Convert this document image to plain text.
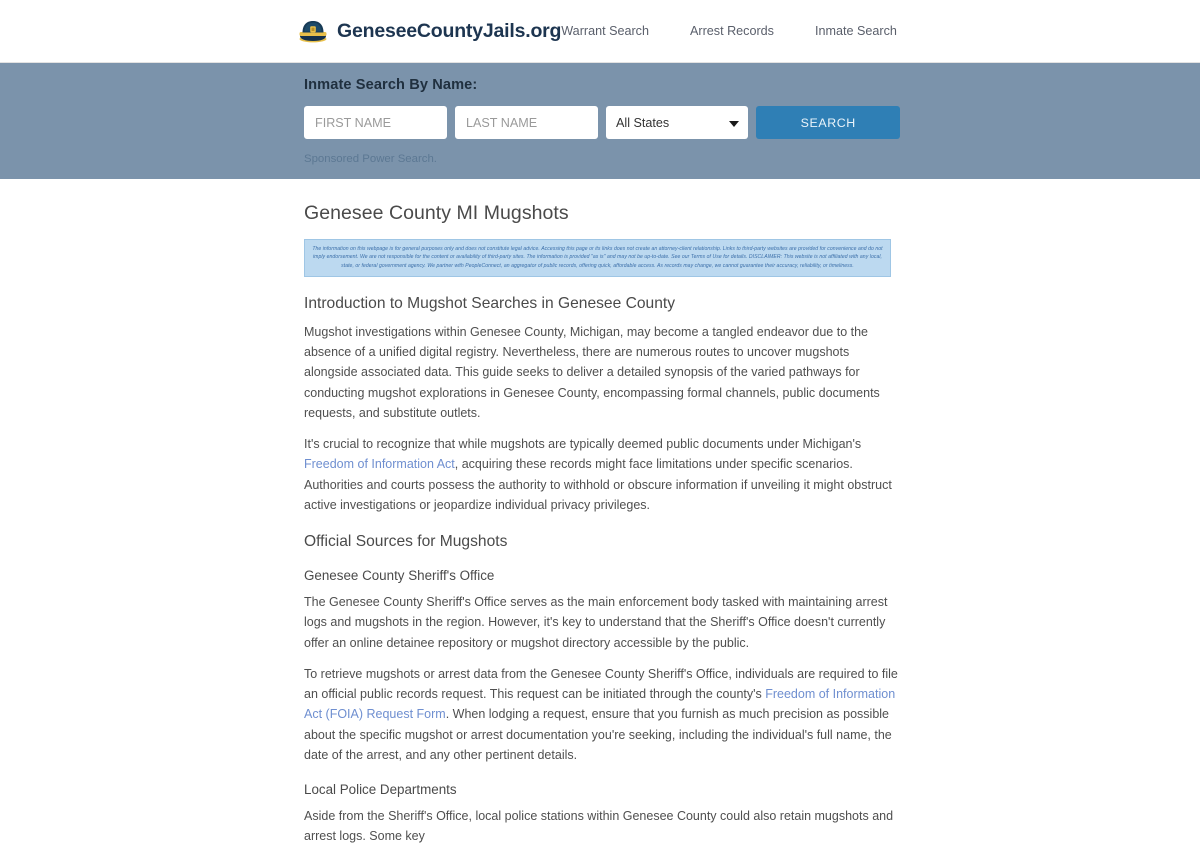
GeneseeCountyJails.org Warrant Search	Arrest Records	Inmate Search
Inmate Search By Name:
FIRST NAME
LAST NAME
All States	SEARCH
Sponsored Power Search.
Genesee County MI Mugshots

The information on this webpage is for general purposes only and does not constitute legal advice. Accessing this page or its links does not create an attorney-client relationship. Links to third-party websites are provided for convenience and do not imply endorsement. We are not responsible for the content or availability of third-party sites. The information is provided "as is" and may not be up-to-date. See our Terms of Use for details. DISCLAIMER: This website is not affiliated with any local, state, or federal government agency. We partner with PeopleConnect, an aggregator of public records, offering quick, affordable access. As records may change, we cannot guarantee their accuracy, reliability, or timeliness.

Introduction to Mugshot Searches in Genesee County

Mugshot investigations within Genesee County, Michigan, may become a tangled endeavor due to the absence of a unified digital registry. Nevertheless, there are numerous routes to uncover mugshots alongside associated data. This guide seeks to deliver a detailed synopsis of the varied pathways for conducting mugshot explorations in Genesee County, encompassing formal channels, public documents requests, and substitute outlets.

It's crucial to recognize that while mugshots are typically deemed public documents under Michigan's Freedom of Information Act, acquiring these records might face limitations under specific scenarios. Authorities and courts possess the authority to withhold or obscure information if unveiling it might obstruct active investigations or jeopardize individual privacy privileges.

Official Sources for Mugshots
Genesee County Sheriff's Office

The Genesee County Sheriff's Office serves as the main enforcement body tasked with maintaining arrest logs and mugshots in the region. However, it's key to understand that the Sheriff's Office doesn't currently offer an online detainee repository or mugshot directory accessible by the public.

To retrieve mugshots or arrest data from the Genesee County Sheriff's Office, individuals are required to file an official public records request. This request can be initiated through the county's Freedom of Information Act (FOIA) Request Form. When lodging a request, ensure that you furnish as much precision as possible about the specific mugshot or arrest documentation you're seeking, including the individual's full name, the date of the arrest, and any other pertinent details.

Local Police Departments

Aside from the Sheriff's Office, local police stations within Genesee County could also retain mugshots and arrest logs. Some key
